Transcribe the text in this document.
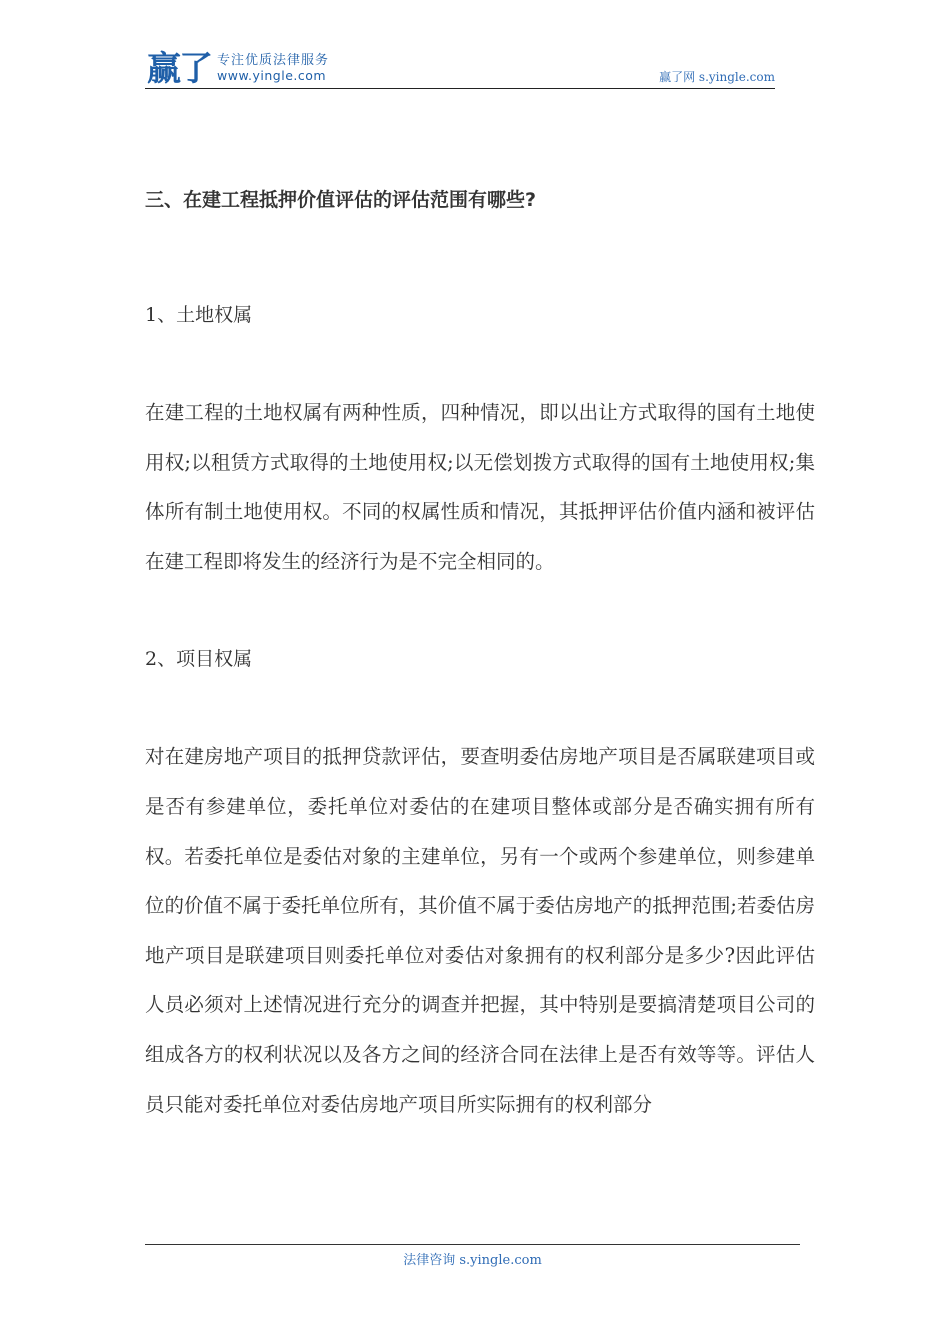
赢了 专注优质法律服务
www.yingle.com	赢了网 s.yingle.com
三、在建工程抵押价值评估的评估范围有哪些?
1、土地权属
在建工程的土地权属有两种性质，四种情况，即以出让方式取得的国有土地使用权;以租赁方式取得的土地使用权;以无偿划拨方式取得的国有土地使用权;集体所有制土地使用权。不同的权属性质和情况，其抵押评估价值内涵和被评估在建工程即将发生的经济行为是不完全相同的。
2、项目权属
对在建房地产项目的抵押贷款评估，要查明委估房地产项目是否属联建项目或是否有参建单位，委托单位对委估的在建项目整体或部分是否确实拥有所有权。若委托单位是委估对象的主建单位，另有一个或两个参建单位，则参建单位的价值不属于委托单位所有，其价值不属于委估房地产的抵押范围;若委估房地产项目是联建项目则委托单位对委估对象拥有的权利部分是多少?因此评估人员必须对上述情况进行充分的调查并把握，其中特别是要搞清楚项目公司的组成各方的权利状况以及各方之间的经济合同在法律上是否有效等等。评估人员只能对委托单位对委估房地产项目所实际拥有的权利部分
法律咨询 s.yingle.com
